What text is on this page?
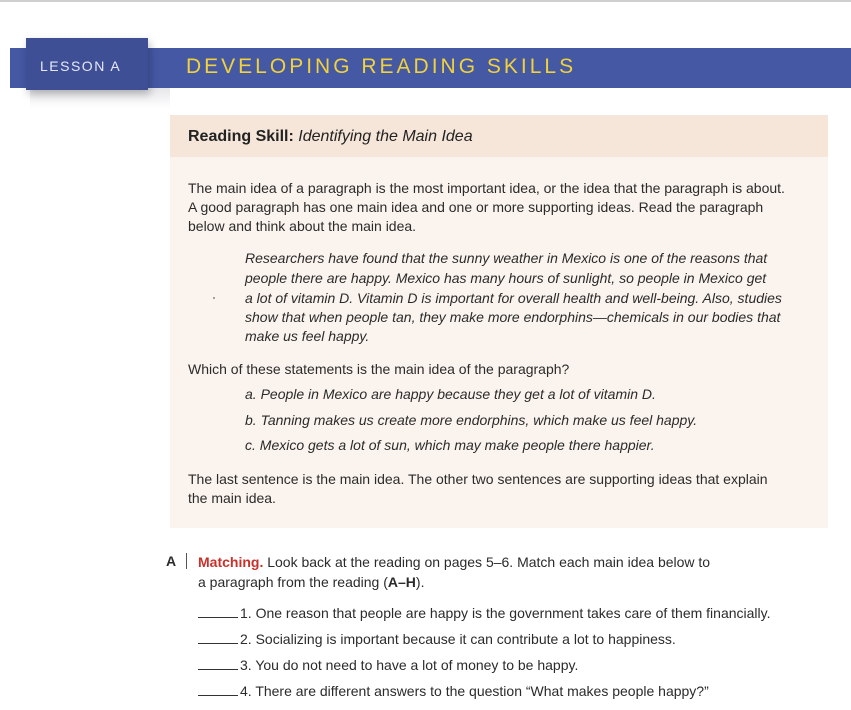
LESSON A	DEVELOPING READING SKILLS
Reading Skill: Identifying the Main Idea
The main idea of a paragraph is the most important idea, or the idea that the paragraph is about.
A good paragraph has one main idea and one or more supporting ideas. Read the paragraph
below and think about the main idea.
Researchers have found that the sunny weather in Mexico is one of the reasons that
people there are happy. Mexico has many hours of sunlight, so people in Mexico get
a lot of vitamin D. Vitamin D is important for overall health and well-being. Also, studies
show that when people tan, they make more endorphins—chemicals in our bodies that
make us feel happy.
Which of these statements is the main idea of the paragraph?
a. People in Mexico are happy because they get a lot of vitamin D.
b. Tanning makes us create more endorphins, which make us feel happy.
c. Mexico gets a lot of sun, which may make people there happier.
The last sentence is the main idea. The other two sentences are supporting ideas that explain
the main idea.
A Matching. Look back at the reading on pages 5–6. Match each main idea below to
a paragraph from the reading (A–H).
1. One reason that people are happy is the government takes care of them financially.
2. Socializing is important because it can contribute a lot to happiness.
3. You do not need to have a lot of money to be happy.
4. There are different answers to the question “What makes people happy?”
